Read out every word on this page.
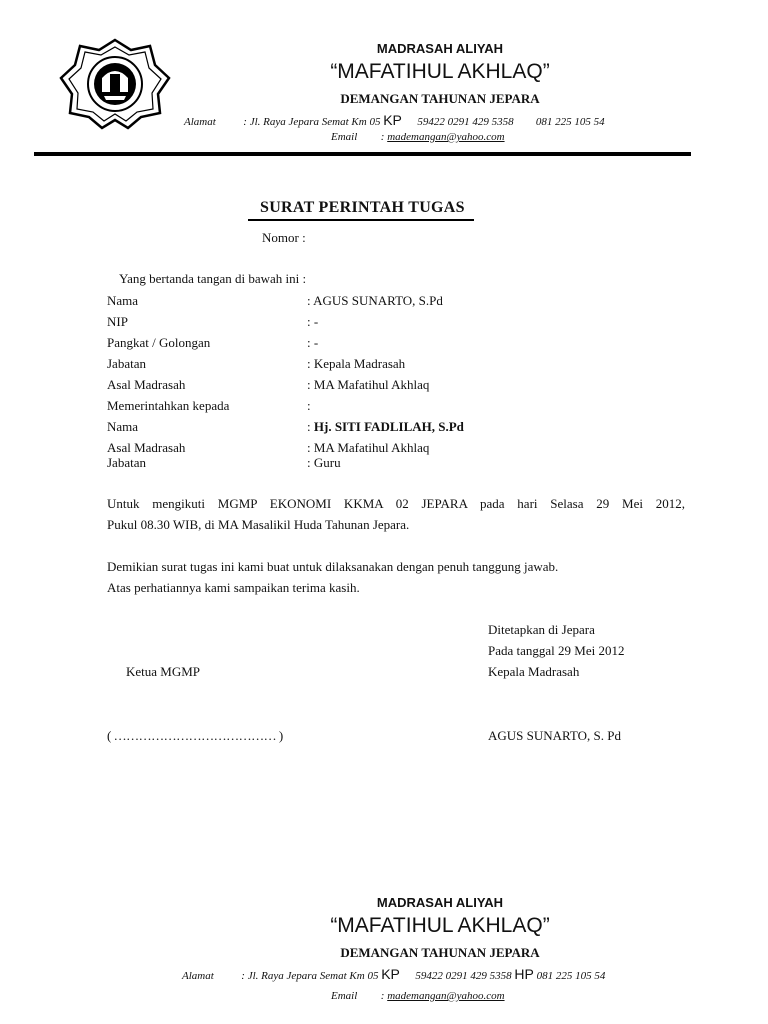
MADRASAH ALIYAH
“MAFATIHUL AKHLAQ”
DEMANGAN TAHUNAN JEPARA
Alamat	: Jl. Raya Jepara Semat Km 05 KP 59422 0291 429 5358 081 225 105 54
Email : mademangan@yahoo.com
SURAT PERINTAH TUGAS
Nomor :
Yang bertanda tangan di bawah ini :
Nama	: AGUS SUNARTO, S.Pd
NIP	: -
Pangkat / Golongan	: -
Jabatan	: Kepala Madrasah
Asal Madrasah	: MA Mafatihul Akhlaq
Memerintahkan kepada	:
Nama	: Hj. SITI FADLILAH, S.Pd
Asal Madrasah	: MA Mafatihul Akhlaq
Jabatan	: Guru
Untuk mengikuti MGMP EKONOMI KKMA 02 JEPARA pada hari Selasa 29 Mei 2012,
Pukul 08.30 WIB, di MA Masalikil Huda Tahunan Jepara.
Demikian surat tugas ini kami buat untuk dilaksanakan dengan penuh tanggung jawab.
Atas perhatiannya kami sampaikan terima kasih.
Ditetapkan di Jepara
Pada tanggal 29 Mei 2012
Ketua MGMP	Kepala Madrasah
( ………………………………… )	AGUS SUNARTO, S. Pd
MADRASAH ALIYAH
“MAFATIHUL AKHLAQ”
DEMANGAN TAHUNAN JEPARA
Alamat	: Jl. Raya Jepara Semat Km 05 KP 59422 0291 429 5358 HP 081 225 105 54
Email : mademangan@yahoo.com
